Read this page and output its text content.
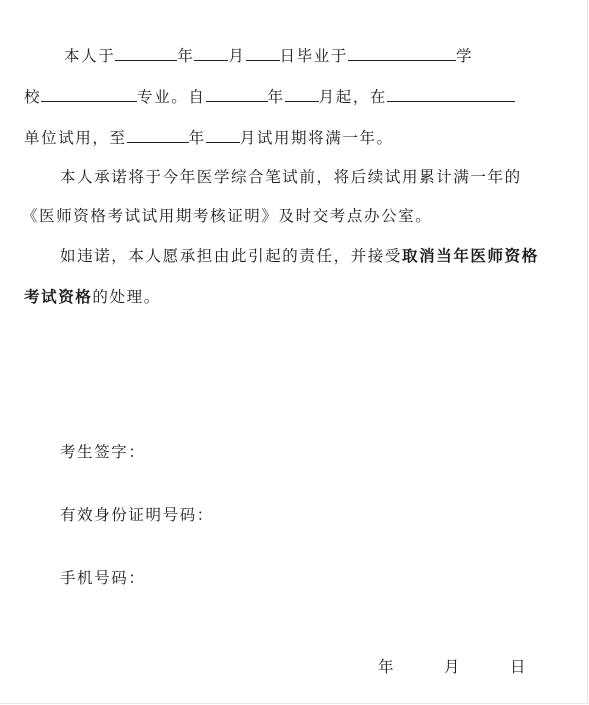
本人于	年 月 日毕业于	学
校	专业。自	年 月起，在
单位试用，至	年 月试用期将满一年。
本人承诺将于今年医学综合笔试前，将后续试用累计满一年的
《医师资格考试试用期考核证明》及时交考点办公室。
如违诺，本人愿承担由此引起的责任，并接受取消当年医师资格
考试资格的处理。
考生签字：
有效身份证明号码：
手机号码：
年	月	日
